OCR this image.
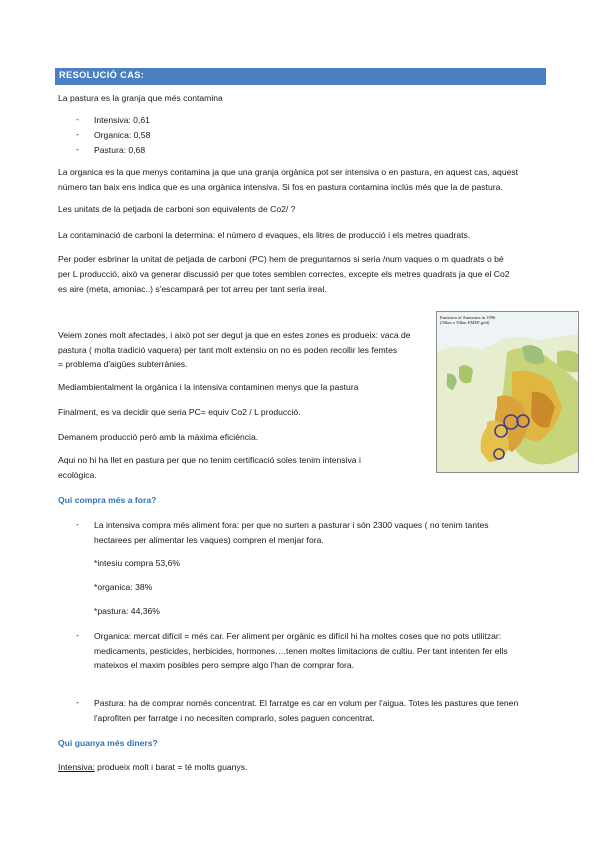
RESOLUCIÓ CAS:
La pastura es la granja que més contamina
- Intensiva: 0,61
- Organica: 0,58
- Pastura: 0,68
La organica es la que menys contamina ja que una granja orgànica pot ser intensiva o en pastura, en aquest cas, aquest
número tan baix ens indica que es una orgànica intensiva. Si fos en pastura contamina inclús més que la de pastura.
Les unitats de la petjada de carboni son equivalents de Co2/ ?
La contaminació de carboni la determina: el número d evaques, els litres de producció i els metres quadrats.
Per poder esbrinar la unitat de petjada de carboni (PC) hem de preguntarnos si seria /num vaques o m quadrats o bé
per L producció, això va generar discussió per que totes semblen correctes, excepte els metres quadrats ja que el Co2
es aire (meta, amoniac..) s'escamparà per tot arreu per tant seria ireal.
Emission of Ammonia in 1996
(50km x 50km EMEP grid)
Veiem zones molt afectades, i això pot ser degut ja que en estes zones es produeix: vaca de
pastura ( molta tradició vaquera) per tant molt extensiu on no es poden recollir les femtes
= problema d'aigües subterrànies.
Mediambientalment la orgànica i la intensiva contaminen menys que la pastura
Finalment, es va decidir que seria PC= equiv Co2 / L producció.
Demanem producció però amb la màxima eficiència.
Aqui no hi ha llet en pastura per que no tenim certificació soles tenim intensiva i
ecològica.
Qui compra més a fora?
- La intensiva compra més aliment fora: per que no surten a pasturar i són 2300 vaques ( no tenim tantes
hectarees per alimentar les vaques) compren el menjar fora.
*intesiu compra 53,6%
*organica: 38%
*pastura: 44,36%
- Organica: mercat difícil = més car. Fer aliment per orgànic es difícil hi ha moltes coses que no pots utilitzar:
medicaments, pesticides, herbicides, hormones….tenen moltes limitacions de cultiu. Per tant intenten fer ells
mateixos el maxim posibles pero sempre algo l'han de comprar fora.
- Pastura: ha de comprar només concentrat. El farratge es car en volum per l'aigua. Totes les pastures que tenen
l'aprofiten per farratge i no necesiten comprarlo, soles paguen concentrat.
Qui guanya més diners?
Intensiva: produeix molt i barat = té molts guanys.
